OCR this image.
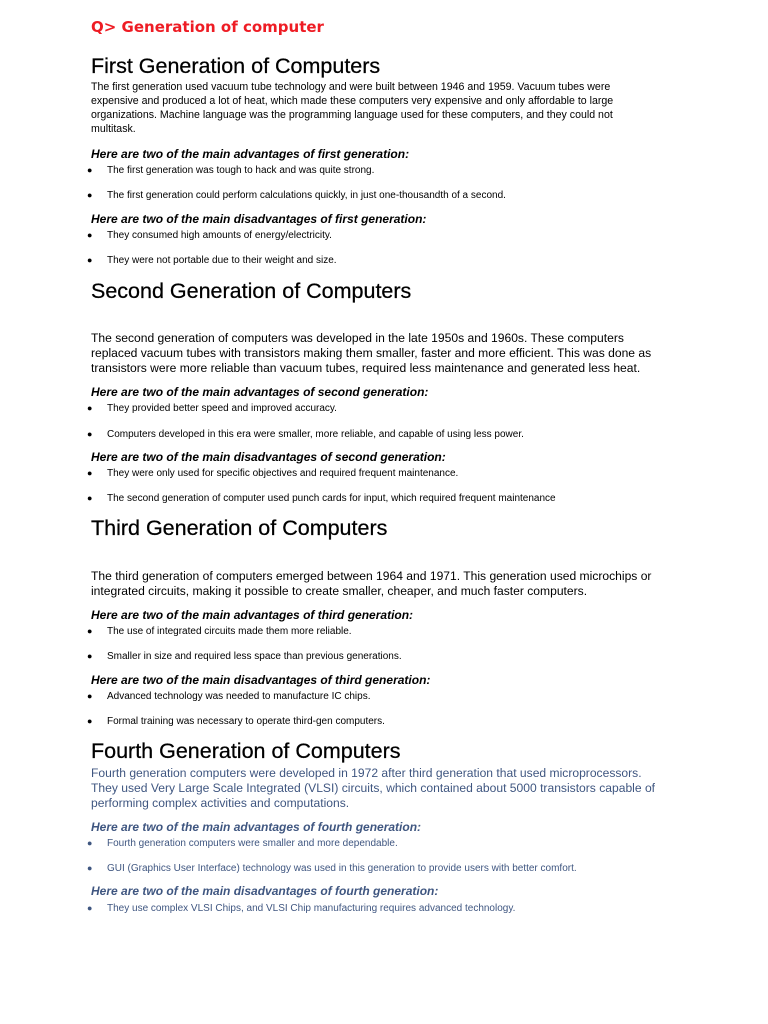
Q> Generation of computer

First Generation of Computers

The first generation used vacuum tube technology and were built between 1946 and 1959. Vacuum tubes were

expensive and produced a lot of heat, which made these computers very expensive and only affordable to large

organizations. Machine language was the programming language used for these computers, and they could not

multitask.

Here are two of the main advantages of first generation:

●

The first generation was tough to hack and was quite strong.

●

The first generation could perform calculations quickly, in just one-thousandth of a second.

Here are two of the main disadvantages of first generation:

●

They consumed high amounts of energy/electricity.

●

They were not portable due to their weight and size.

Second Generation of Computers

The second generation of computers was developed in the late 1950s and 1960s. These computers

replaced vacuum tubes with transistors making them smaller, faster and more efficient. This was done as

transistors were more reliable than vacuum tubes, required less maintenance and generated less heat.

Here are two of the main advantages of second generation:

●

They provided better speed and improved accuracy.

●

Computers developed in this era were smaller, more reliable, and capable of using less power.

Here are two of the main disadvantages of second generation:

●

They were only used for specific objectives and required frequent maintenance.

●

The second generation of computer used punch cards for input, which required frequent maintenance

Third Generation of Computers

The third generation of computers emerged between 1964 and 1971. This generation used microchips or

integrated circuits, making it possible to create smaller, cheaper, and much faster computers.

Here are two of the main advantages of third generation:

●

The use of integrated circuits made them more reliable.

●

Smaller in size and required less space than previous generations.

Here are two of the main disadvantages of third generation:

●

Advanced technology was needed to manufacture IC chips.

●

Formal training was necessary to operate third-gen computers.

Fourth Generation of Computers

Fourth generation computers were developed in 1972 after third generation that used microprocessors.

They used Very Large Scale Integrated (VLSI) circuits, which contained about 5000 transistors capable of

performing complex activities and computations.

Here are two of the main advantages of fourth generation:

●

Fourth generation computers were smaller and more dependable.

●

GUI (Graphics User Interface) technology was used in this generation to provide users with better comfort.

Here are two of the main disadvantages of fourth generation:

●

They use complex VLSI Chips, and VLSI Chip manufacturing requires advanced technology.
